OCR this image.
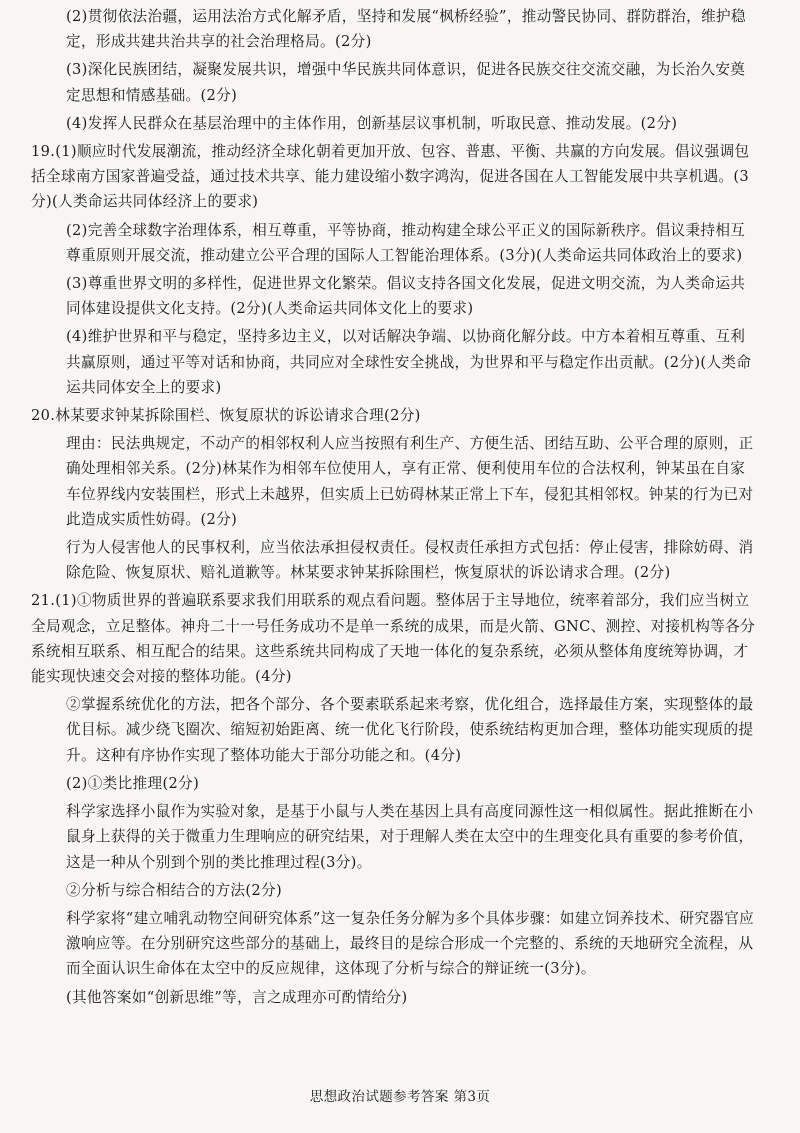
(2)贯彻依法治疆，运用法治方式化解矛盾，坚持和发展“枫桥经验”，推动警民协同、群防群治，维护稳定，形成共建共治共享的社会治理格局。(2分)

(3)深化民族团结，凝聚发展共识，增强中华民族共同体意识，促进各民族交往交流交融，为长治久安奠定思想和情感基础。(2分)

(4)发挥人民群众在基层治理中的主体作用，创新基层议事机制，听取民意、推动发展。(2分)

19.(1)顺应时代发展潮流，推动经济全球化朝着更加开放、包容、普惠、平衡、共赢的方向发展。倡议强调包括全球南方国家普遍受益，通过技术共享、能力建设缩小数字鸿沟，促进各国在人工智能发展中共享机遇。(3分)(人类命运共同体经济上的要求)

(2)完善全球数字治理体系，相互尊重，平等协商，推动构建全球公平正义的国际新秩序。倡议秉持相互尊重原则开展交流，推动建立公平合理的国际人工智能治理体系。(3分)(人类命运共同体政治上的要求)

(3)尊重世界文明的多样性，促进世界文化繁荣。倡议支持各国文化发展，促进文明交流，为人类命运共同体建设提供文化支持。(2分)(人类命运共同体文化上的要求)

(4)维护世界和平与稳定，坚持多边主义，以对话解决争端、以协商化解分歧。中方本着相互尊重、互利共赢原则，通过平等对话和协商，共同应对全球性安全挑战，为世界和平与稳定作出贡献。(2分)(人类命运共同体安全上的要求)

20.林某要求钟某拆除围栏、恢复原状的诉讼请求合理(2分)

理由：民法典规定，不动产的相邻权利人应当按照有利生产、方便生活、团结互助、公平合理的原则，正确处理相邻关系。(2分)林某作为相邻车位使用人，享有正常、便利使用车位的合法权利，钟某虽在自家车位界线内安装围栏，形式上未越界，但实质上已妨碍林某正常上下车，侵犯其相邻权。钟某的行为已对此造成实质性妨碍。(2分)

行为人侵害他人的民事权利，应当依法承担侵权责任。侵权责任承担方式包括：停止侵害，排除妨碍、消除危险、恢复原状、赔礼道歉等。林某要求钟某拆除围栏，恢复原状的诉讼请求合理。(2分)

21.(1)①物质世界的普遍联系要求我们用联系的观点看问题。整体居于主导地位，统率着部分，我们应当树立全局观念，立足整体。神舟二十一号任务成功不是单一系统的成果，而是火箭、GNC、测控、对接机构等各分系统相互联系、相互配合的结果。这些系统共同构成了天地一体化的复杂系统，必须从整体角度统筹协调，才能实现快速交会对接的整体功能。(4分)

②掌握系统优化的方法，把各个部分、各个要素联系起来考察，优化组合，选择最佳方案，实现整体的最优目标。减少绕飞圈次、缩短初始距离、统一优化飞行阶段，使系统结构更加合理，整体功能实现质的提升。这种有序协作实现了整体功能大于部分功能之和。(4分)

(2)①类比推理(2分)

科学家选择小鼠作为实验对象，是基于小鼠与人类在基因上具有高度同源性这一相似属性。据此推断在小鼠身上获得的关于微重力生理响应的研究结果，对于理解人类在太空中的生理变化具有重要的参考价值，这是一种从个别到个别的类比推理过程(3分)。

②分析与综合相结合的方法(2分)

科学家将“建立哺乳动物空间研究体系”这一复杂任务分解为多个具体步骤：如建立饲养技术、研究器官应激响应等。在分别研究这些部分的基础上，最终目的是综合形成一个完整的、系统的天地研究全流程，从而全面认识生命体在太空中的反应规律，这体现了分析与综合的辩证统一(3分)。

(其他答案如“创新思维”等，言之成理亦可酌情给分)

思想政治试题参考答案 第3页
